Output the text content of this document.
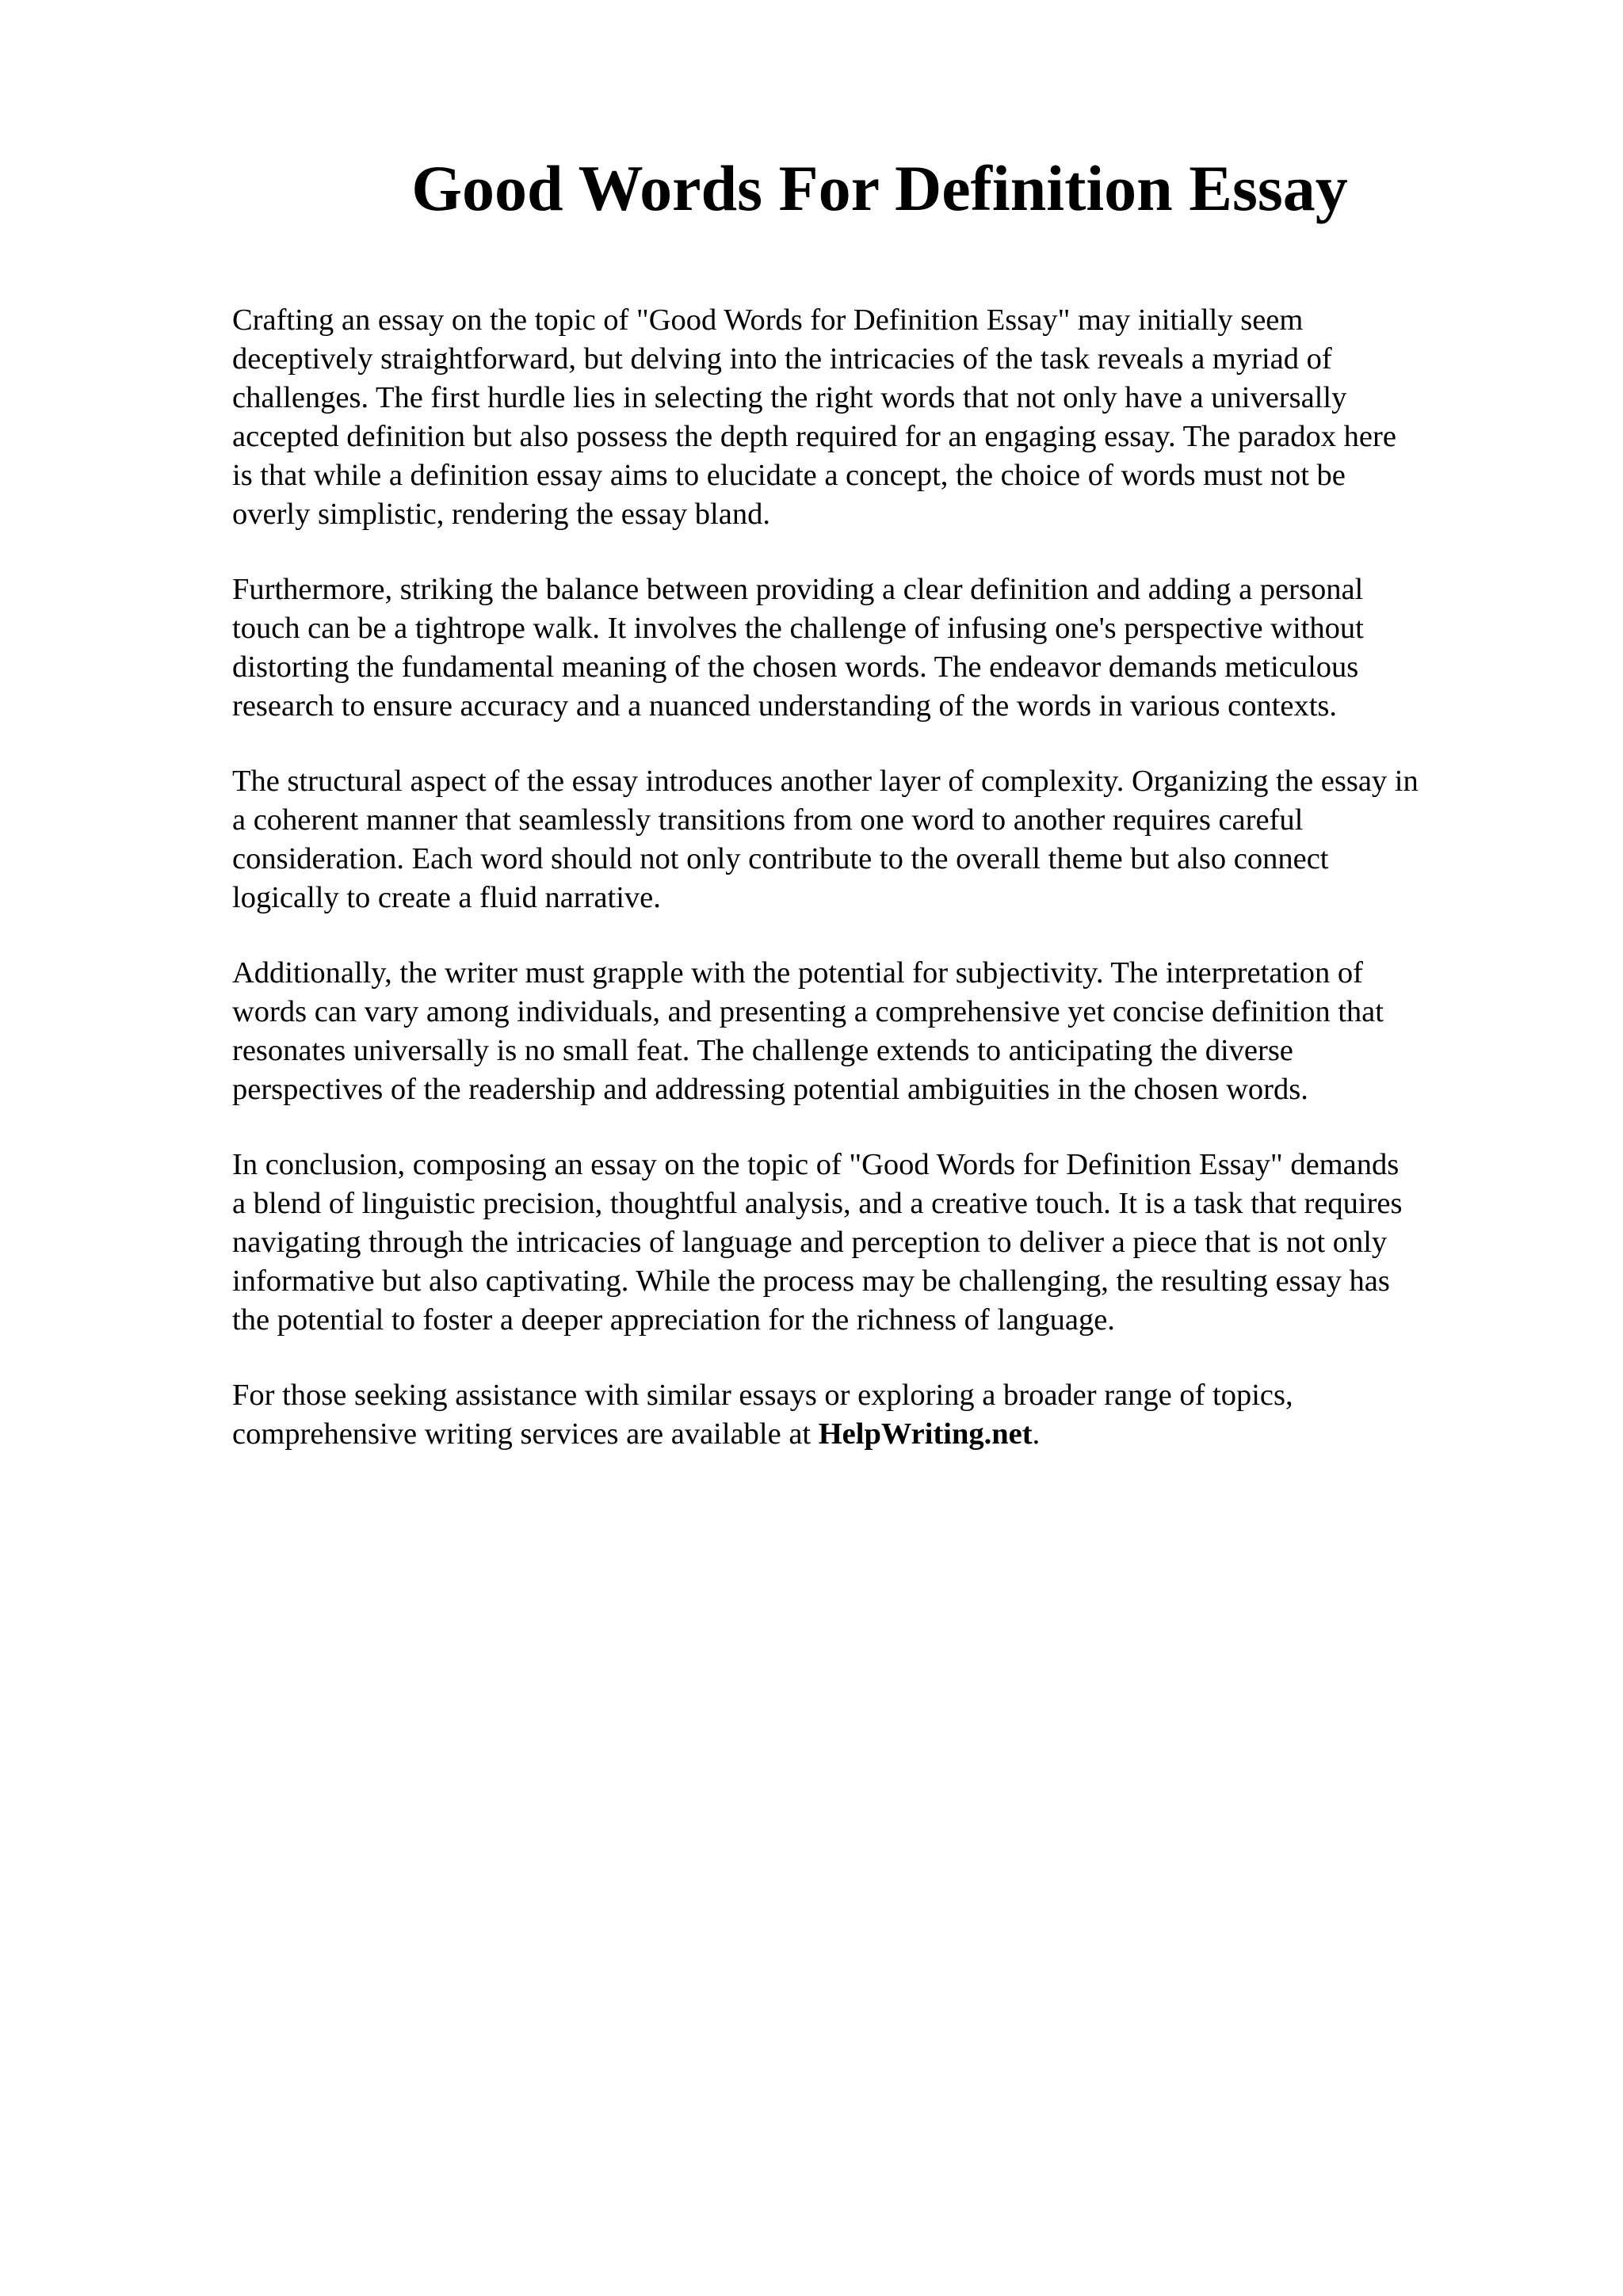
Good Words For Definition Essay

Crafting an essay on the topic of "Good Words for Definition Essay" may initially seem
deceptively straightforward, but delving into the intricacies of the task reveals a myriad of
challenges. The first hurdle lies in selecting the right words that not only have a universally
accepted definition but also possess the depth required for an engaging essay. The paradox here
is that while a definition essay aims to elucidate a concept, the choice of words must not be
overly simplistic, rendering the essay bland.

Furthermore, striking the balance between providing a clear definition and adding a personal
touch can be a tightrope walk. It involves the challenge of infusing one's perspective without
distorting the fundamental meaning of the chosen words. The endeavor demands meticulous
research to ensure accuracy and a nuanced understanding of the words in various contexts.

The structural aspect of the essay introduces another layer of complexity. Organizing the essay in
a coherent manner that seamlessly transitions from one word to another requires careful
consideration. Each word should not only contribute to the overall theme but also connect
logically to create a fluid narrative.

Additionally, the writer must grapple with the potential for subjectivity. The interpretation of
words can vary among individuals, and presenting a comprehensive yet concise definition that
resonates universally is no small feat. The challenge extends to anticipating the diverse
perspectives of the readership and addressing potential ambiguities in the chosen words.

In conclusion, composing an essay on the topic of "Good Words for Definition Essay" demands
a blend of linguistic precision, thoughtful analysis, and a creative touch. It is a task that requires
navigating through the intricacies of language and perception to deliver a piece that is not only
informative but also captivating. While the process may be challenging, the resulting essay has
the potential to foster a deeper appreciation for the richness of language.

For those seeking assistance with similar essays or exploring a broader range of topics,
comprehensive writing services are available at HelpWriting.net.
